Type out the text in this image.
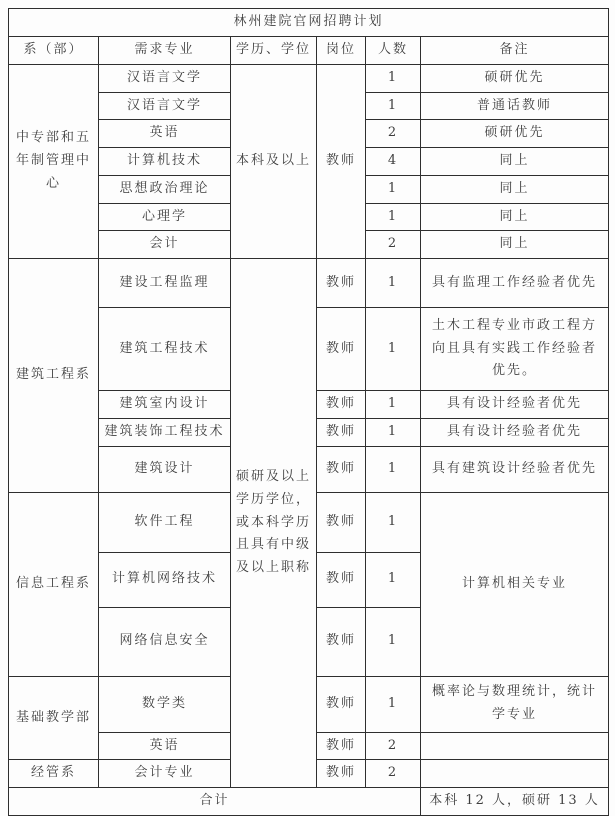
林州建院官网招聘计划					
系（部）	需求专业	学历、学位	岗位	人数	备注
中专部和五年制管理中心	汉语言文学	本科及以上	教师	1	硕研优先
	汉语言文学			1	普通话教师
	英语			2	硕研优先
	计算机技术			4	同上
	思想政治理论			1	同上
	心理学			1	同上
	会计			2	同上
建筑工程系	建设工程监理	硕研及以上学历学位，或本科学历且具有中级及以上职称	教师	1	具有监理工作经验者优先
	建筑工程技术		教师	1	土木工程专业市政工程方向且具有实践工作经验者优先。
	建筑室内设计		教师	1	具有设计经验者优先
	建筑装饰工程技术		教师	1	具有设计经验者优先
	建筑设计		教师	1	具有建筑设计经验者优先
信息工程系	软件工程		教师	1	计算机相关专业
	计算机网络技术		教师	1	
	网络信息安全		教师	1	
基础教学部	数学类		教师	1	概率论与数理统计，统计学专业
	英语		教师	2	
经管系	会计专业		教师	2	
合计					本科 12 人，硕研 13 人
